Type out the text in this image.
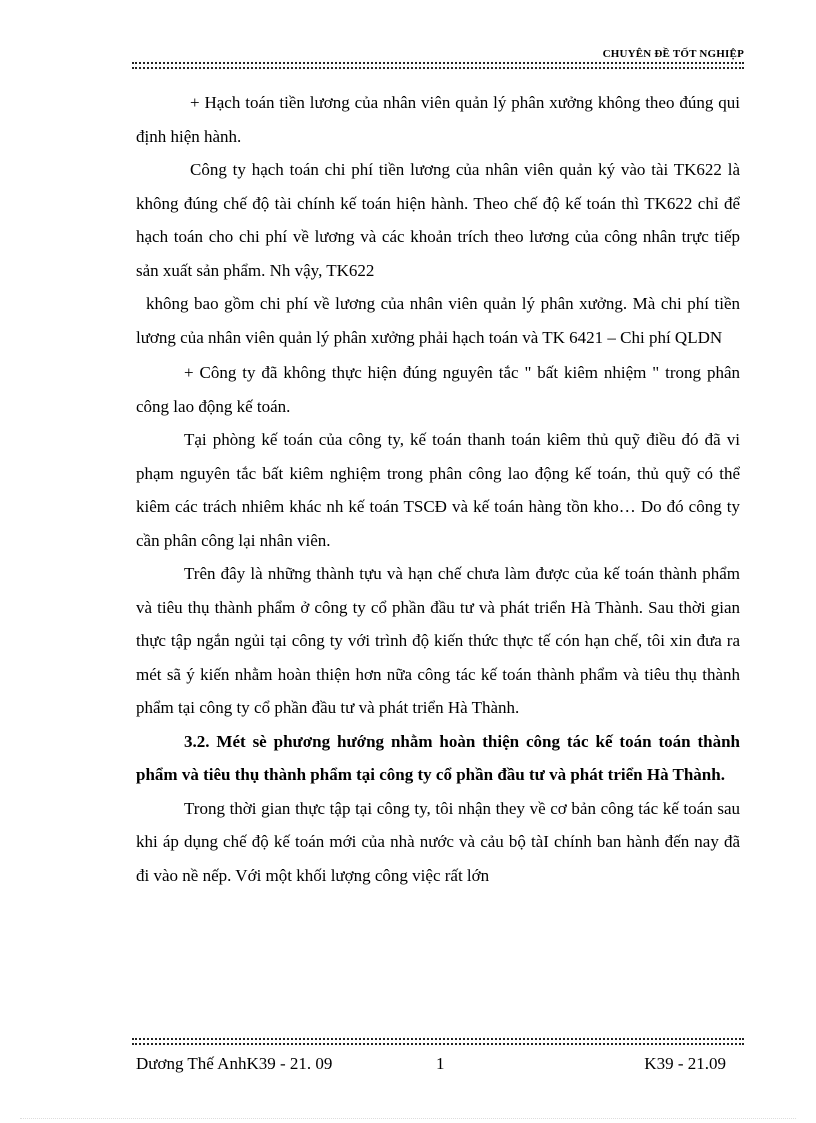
CHUYÊN ĐỀ TỐT NGHIỆP

+ Hạch toán tiền lương của nhân viên quản lý phân xưởng không theo đúng qui định hiện hành.

Công ty hạch toán chi phí tiền lương của nhân viên quản ký vào tài TK622 là không đúng chế độ tài chính kế toán hiện hành. Theo chế độ kế toán thì TK622 chỉ để hạch toán cho chi phí về lương và các khoản trích theo lương của công nhân trực tiếp sản xuất sản phẩm. Nh vậy, TK622

không bao gồm chi phí về lương của nhân viên quản lý phân xưởng. Mà chi phí tiền lương của nhân viên quản lý phân xưởng phải hạch toán và TK 6421 – Chi phí QLDN

+ Công ty đã không thực hiện đúng nguyên tắc " bất kiêm nhiệm " trong phân công lao động kế toán.

Tại phòng kế toán của công ty, kế toán thanh toán kiêm thủ quỹ điều đó đã vi phạm nguyên tắc bất kiêm nghiệm trong phân công lao động kế toán, thủ quỹ có thể kiêm các trách nhiêm khác nh kế toán TSCĐ và kế toán hàng tồn kho… Do đó công ty cần phân công lại nhân viên.

Trên đây là những thành tựu và hạn chế chưa làm được của kế toán thành phẩm và tiêu thụ thành phẩm ở công ty cổ phần đầu tư và phát triển Hà Thành. Sau thời gian thực tập ngắn ngủi tại công ty với trình độ kiến thức thực tế cón hạn chế, tôi xin đưa ra mét sã ý kiến nhằm hoàn thiện hơn nữa công tác kế toán thành phẩm và tiêu thụ thành phẩm tại công ty cổ phần đầu tư và phát triển Hà Thành.

3.2. Mét sè phương hướng nhằm hoàn thiện công tác kế toán toán thành phẩm và tiêu thụ thành phẩm tại công ty cổ phần đầu tư và phát triển Hà Thành.

Trong thời gian thực tập tại công ty, tôi nhận they về cơ bản công tác kế toán sau khi áp dụng chế độ kế toán mới của nhà nước và cảu bộ tàI chính ban hành đến nay đã đi vào nề nếp. Với một khối lượng công việc rất lớn

Dương Thế AnhK39 - 21. 09	1	K39 - 21.09
